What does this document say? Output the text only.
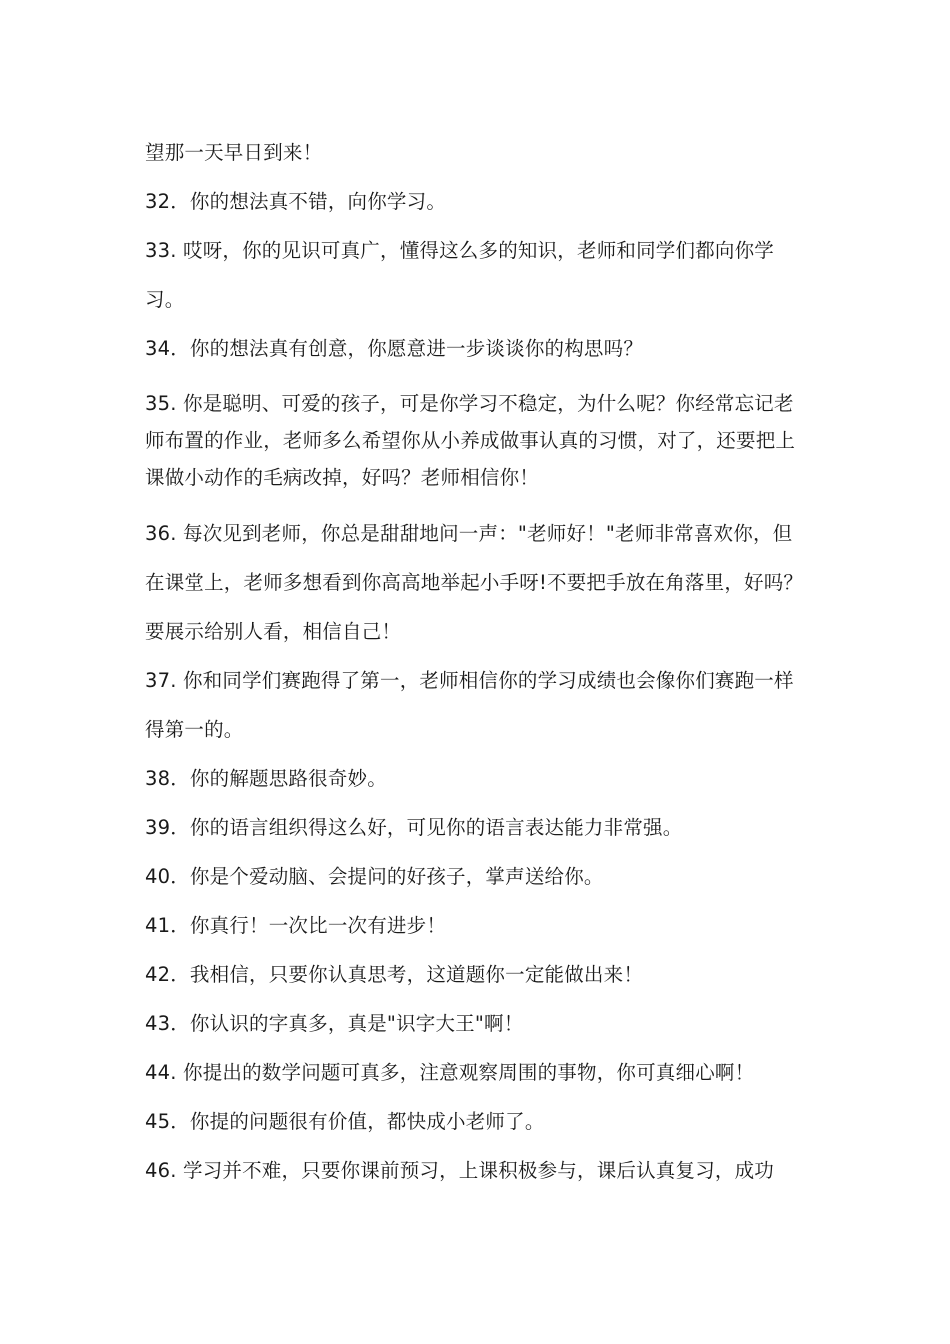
望那一天早日到来！

32．你的想法真不错，向你学习。

33. 哎呀，你的见识可真广，懂得这么多的知识，老师和同学们都向你学习。

34．你的想法真有创意，你愿意进一步谈谈你的构思吗？

35. 你是聪明、可爱的孩子，可是你学习不稳定，为什么呢？你经常忘记老师布置的作业，老师多么希望你从小养成做事认真的习惯，对了，还要把上课做小动作的毛病改掉，好吗？老师相信你！

36. 每次见到老师，你总是甜甜地问一声："老师好！"老师非常喜欢你，但在课堂上，老师多想看到你高高地举起小手呀!不要把手放在角落里，好吗？要展示给别人看，相信自己！

37. 你和同学们赛跑得了第一，老师相信你的学习成绩也会像你们赛跑一样得第一的。

38．你的解题思路很奇妙。

39．你的语言组织得这么好，可见你的语言表达能力非常强。

40．你是个爱动脑、会提问的好孩子，掌声送给你。

41．你真行！一次比一次有进步！

42．我相信，只要你认真思考，这道题你一定能做出来！

43．你认识的字真多，真是"识字大王"啊！

44. 你提出的数学问题可真多，注意观察周围的事物，你可真细心啊！

45．你提的问题很有价值，都快成小老师了。

46. 学习并不难，只要你课前预习，上课积极参与，课后认真复习，成功
